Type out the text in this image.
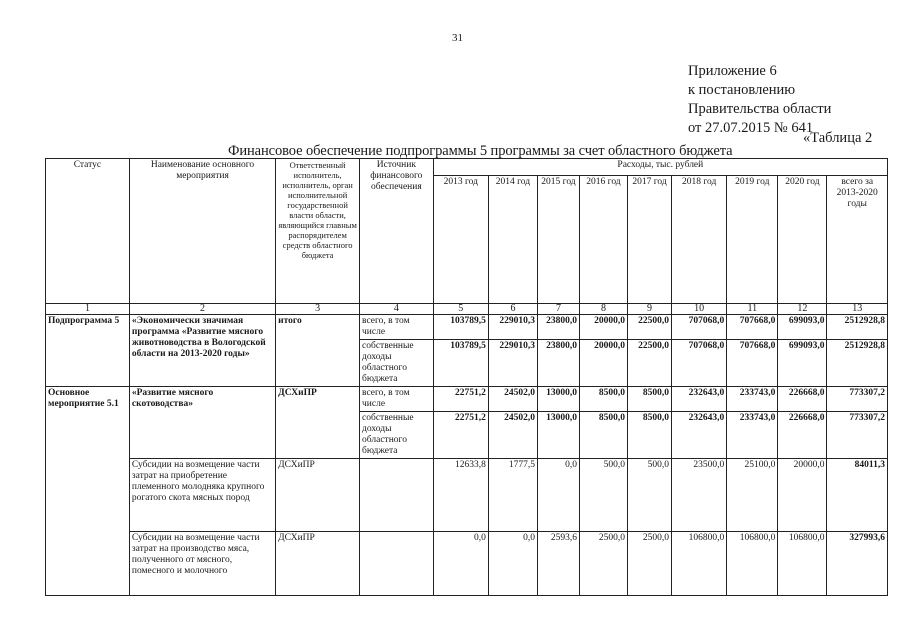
31
Приложение 6
к постановлению
Правительства области
от 27.07.2015 № 641
«Таблица 2
Финансовое обеспечение подпрограммы 5 программы за счет областного бюджета
Статус	Наименование основного мероприятия	Ответственный исполнитель, исполнитель, орган исполнительной государственной власти области, являющийся главным распорядителем средств областного бюджета	Источник финансового обеспечения	Расходы, тыс. рублей								
				2013 год	2014 год	2015 год	2016 год	2017 год	2018 год	2019 год	2020 год	всего за 2013-2020 годы
1	2	3	4	5	6	7	8	9	10	11	12	13
Подпрограмма 5	«Экономически значимая программа «Развитие мясного животноводства в Вологодской области на 2013-2020 годы»	итого	всего, в том числе	103789,5	229010,3	23800,0	20000,0	22500,0	707068,0	707668,0	699093,0	2512928,8
			собственные доходы областного бюджета	103789,5	229010,3	23800,0	20000,0	22500,0	707068,0	707668,0	699093,0	2512928,8
Основное мероприятие 5.1	«Развитие мясного скотоводства»	ДСХиПР	всего, в том числе	22751,2	24502,0	13000,0	8500,0	8500,0	232643,0	233743,0	226668,0	773307,2
			собственные доходы областного бюджета	22751,2	24502,0	13000,0	8500,0	8500,0	232643,0	233743,0	226668,0	773307,2
	Субсидии на возмещение части затрат на приобретение племенного молодняка крупного рогатого скота мясных пород	ДСХиПР		12633,8	1777,5	0,0	500,0	500,0	23500,0	25100,0	20000,0	84011,3
	Субсидии на возмещение части затрат на производство мяса, полученного от мясного, помесного и молочного	ДСХиПР		0,0	0,0	2593,6	2500,0	2500,0	106800,0	106800,0	106800,0	327993,6
